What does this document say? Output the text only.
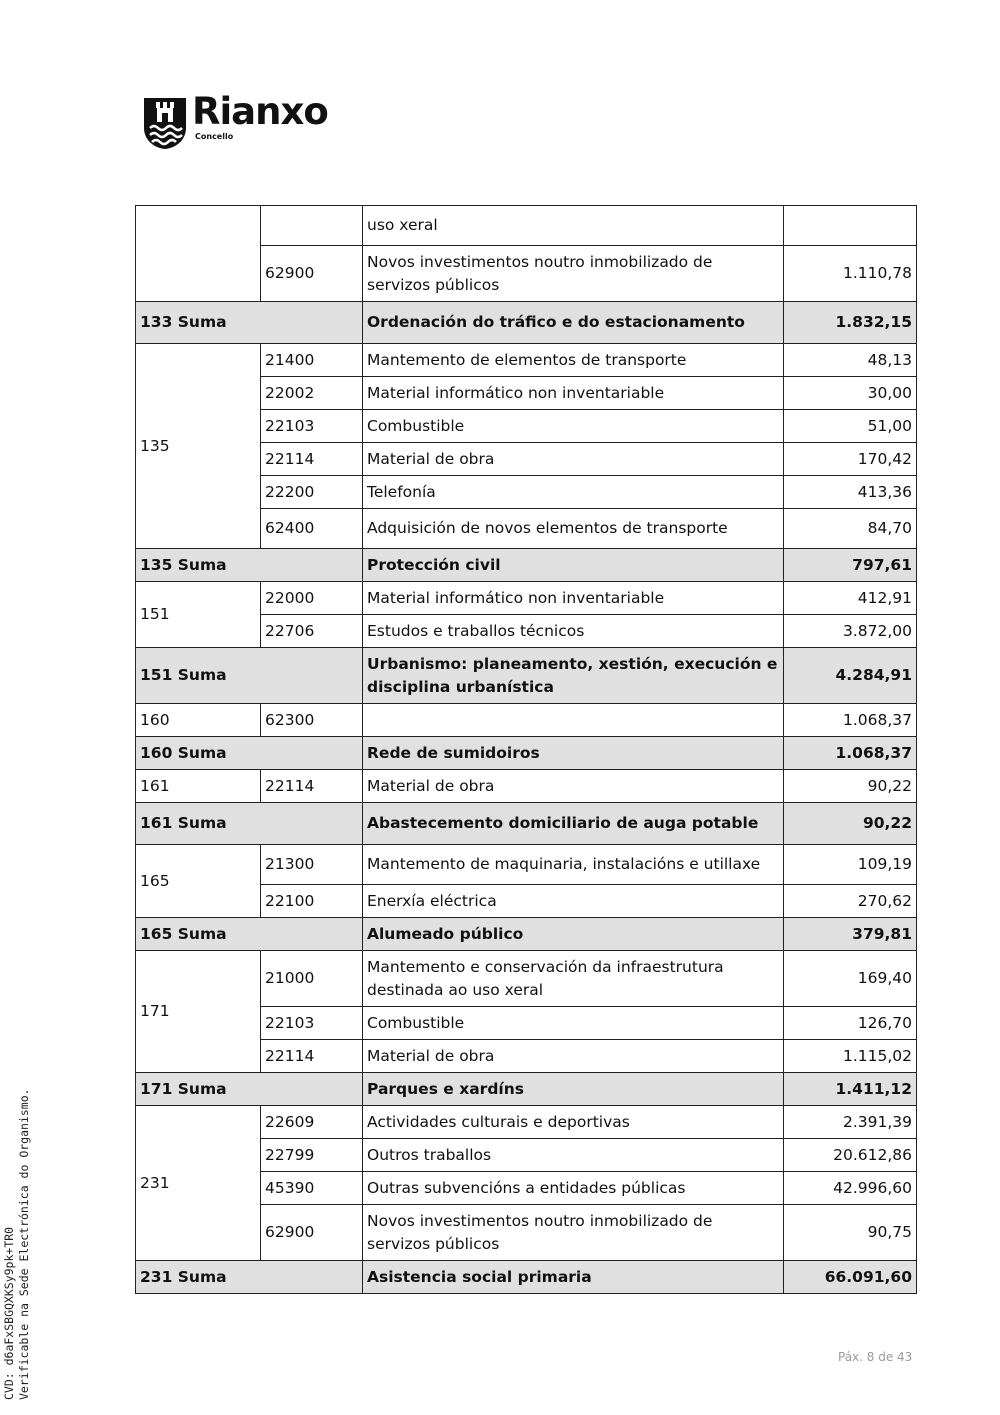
Rianxo
Concello
		uso xeral	
	62900	Novos investimentos noutro inmobilizado de servizos públicos	1.110,78
133 Suma		Ordenación do tráfico e do estacionamento	1.832,15
135	21400	Mantemento de elementos de transporte	48,13
	22002	Material informático non inventariable	30,00
	22103	Combustible	51,00
	22114	Material de obra	170,42
	22200	Telefonía	413,36
	62400	Adquisición de novos elementos de transporte	84,70
135 Suma		Protección civil	797,61
151	22000	Material informático non inventariable	412,91
	22706	Estudos e traballos técnicos	3.872,00
151 Suma		Urbanismo: planeamento, xestión, execución e disciplina urbanística	4.284,91
160	62300		1.068,37
160 Suma		Rede de sumidoiros	1.068,37
161	22114	Material de obra	90,22
161 Suma		Abastecemento domiciliario de auga potable	90,22
165	21300	Mantemento de maquinaria, instalacións e utillaxe	109,19
	22100	Enerxía eléctrica	270,62
165 Suma		Alumeado público	379,81
171	21000	Mantemento e conservación da infraestrutura destinada ao uso xeral	169,40
	22103	Combustible	126,70
	22114	Material de obra	1.115,02
171 Suma		Parques e xardíns	1.411,12
231	22609	Actividades culturais e deportivas	2.391,39
	22799	Outros traballos	20.612,86
	45390	Outras subvencións a entidades públicas	42.996,60
	62900	Novos investimentos noutro inmobilizado de servizos públicos	90,75
231 Suma		Asistencia social primaria	66.091,60
CVD: d6aFxSBGQXKSy9pk+TR0 Verificable na Sede Electrónica do Organismo.	Páx. 8 de 43
